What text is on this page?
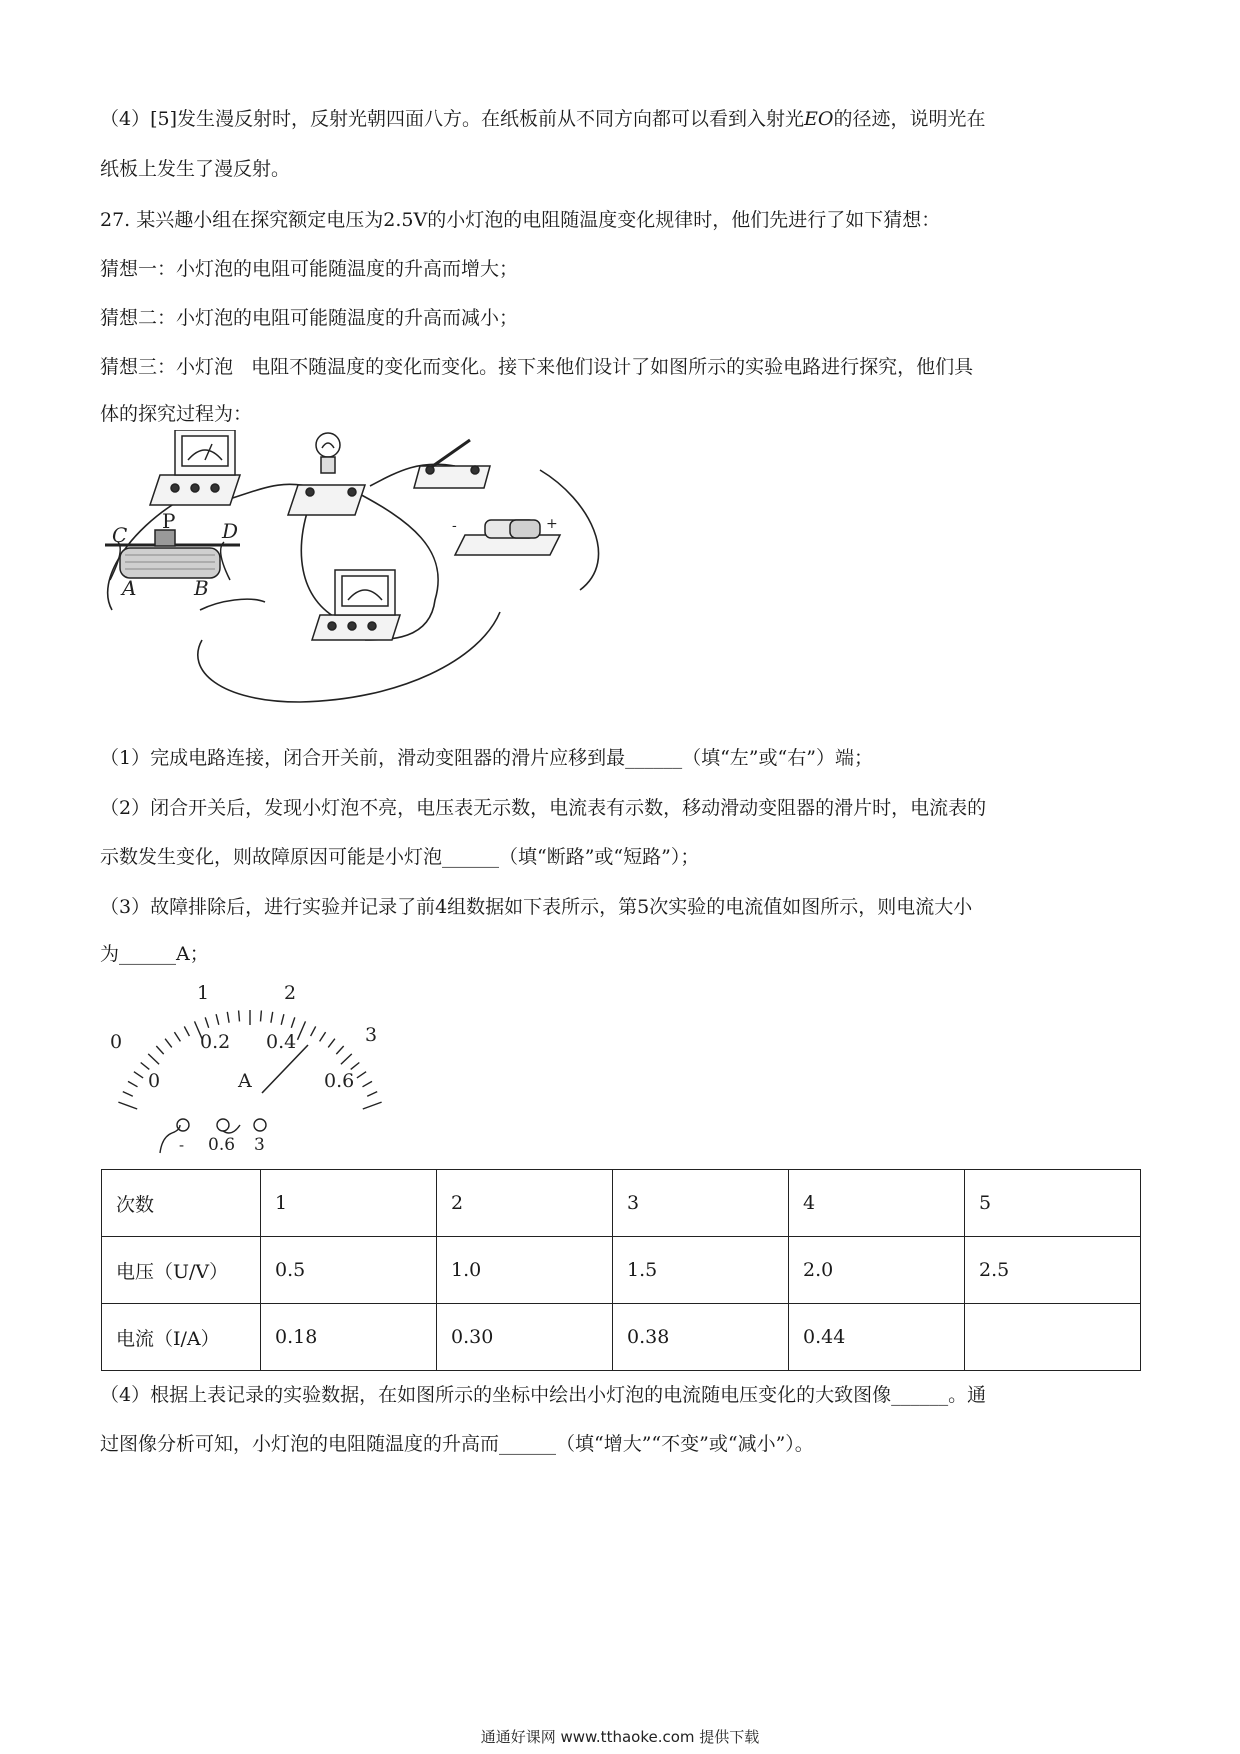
（4）[5]发生漫反射时，反射光朝四面八方。在纸板前从不同方向都可以看到入射光EO的径迹，说明光在
纸板上发生了漫反射。
27. 某兴趣小组在探究额定电压为2.5V的小灯泡的电阻随温度变化规律时，他们先进行了如下猜想：
猜想一：小灯泡的电阻可能随温度的升高而增大；
猜想二：小灯泡的电阻可能随温度的升高而减小；
猜想三：小灯泡   电阻不随温度的变化而变化。接下来他们设计了如图所示的实验电路进行探究，他们具
体的探究过程为：
-	+
C
P D
A	B
（1）完成电路连接，闭合开关前，滑动变阻器的滑片应移到最______（填“左”或“右”）端；
（2）闭合开关后，发现小灯泡不亮，电压表无示数，电流表有示数，移动滑动变阻器的滑片时，电流表的
示数发生变化，则故障原因可能是小灯泡______（填“断路”或“短路”）；
（3）故障排除后，进行实验并记录了前4组数据如下表所示，第5次实验的电流值如图所示，则电流大小
为______A；
0
1	2
3
0
0.2 0.4
0.6
A
- 0.6 3
次数	1	2	3	4	5
电压（U/V）	0.5	1.0	1.5	2.0	2.5
电流（I/A）	0.18	0.30	0.38	0.44	
（4）根据上表记录的实验数据，在如图所示的坐标中绘出小灯泡的电流随电压变化的大致图像______。通
过图像分析可知，小灯泡的电阻随温度的升高而______（填“增大”“不变”或“减小”）。
通通好课网 www.tthaoke.com 提供下载
